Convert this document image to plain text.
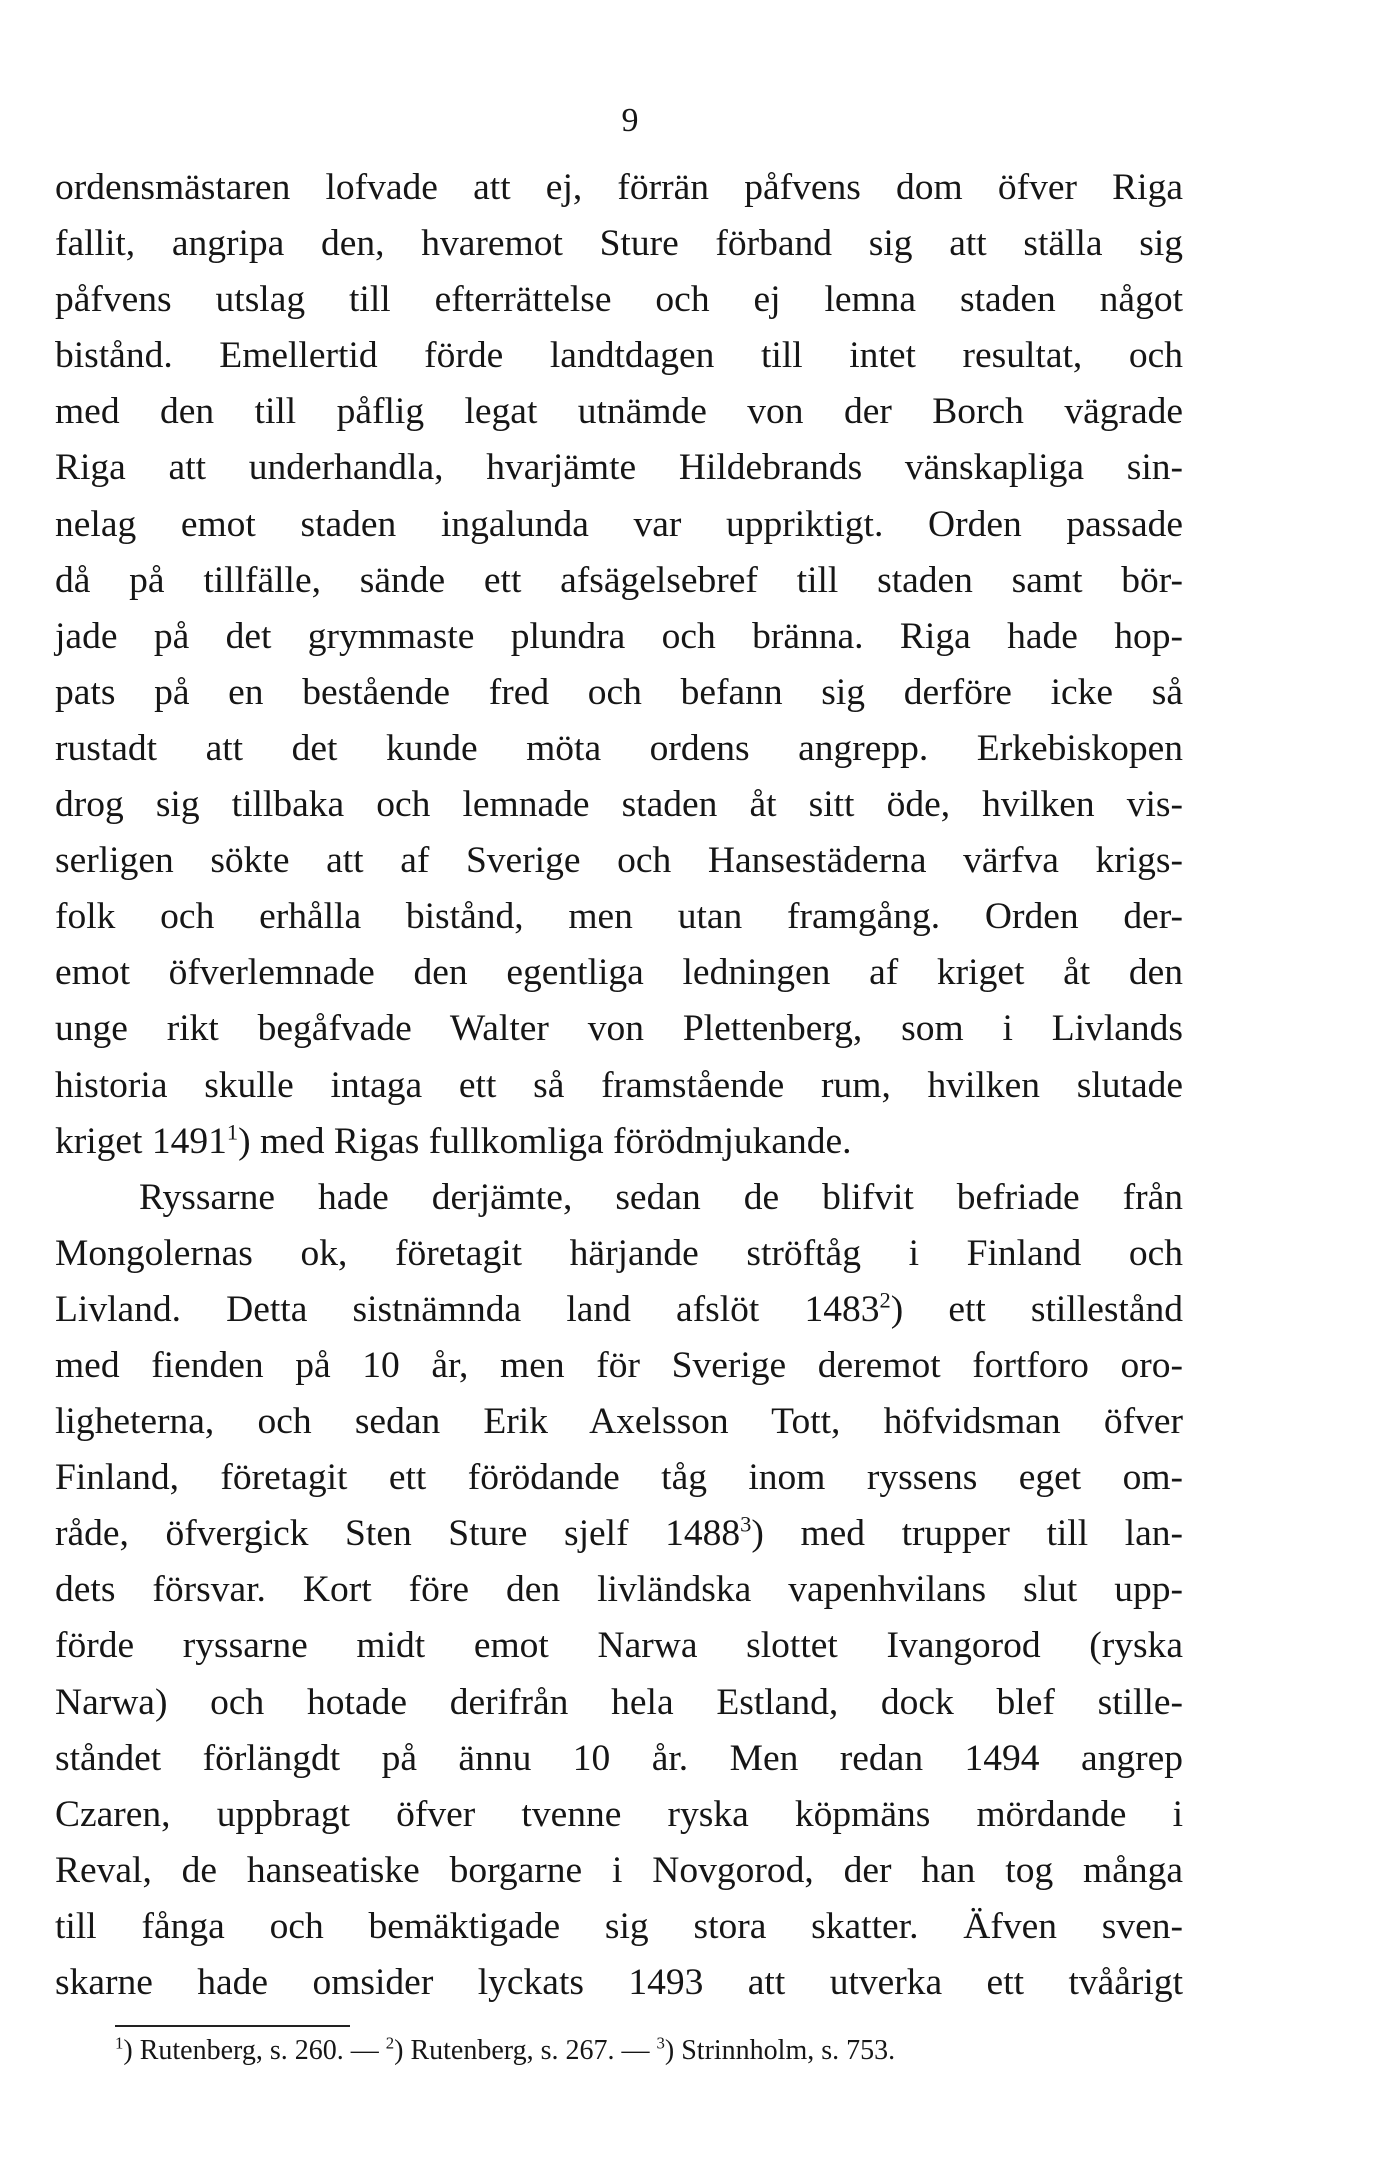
9
ordensmästaren lofvade att ej, förrän påfvens dom öfver Riga
fallit, angripa den, hvaremot Sture förband sig att ställa sig
påfvens utslag till efterrättelse och ej lemna staden något
bistånd. Emellertid förde landtdagen till intet resultat, och
med den till påflig legat utnämde von der Borch vägrade
Riga att underhandla, hvarjämte Hildebrands vänskapliga sin-
nelag emot staden ingalunda var uppriktigt. Orden passade
då på tillfälle, sände ett afsägelsebref till staden samt bör-
jade på det grymmaste plundra och bränna. Riga hade hop-
pats på en bestående fred och befann sig derföre icke så
rustadt att det kunde möta ordens angrepp. Erkebiskopen
drog sig tillbaka och lemnade staden åt sitt öde, hvilken vis-
serligen sökte att af Sverige och Hansestäderna värfva krigs-
folk och erhålla bistånd, men utan framgång. Orden der-
emot öfverlemnade den egentliga ledningen af kriget åt den
unge rikt begåfvade Walter von Plettenberg, som i Livlands
historia skulle intaga ett så framstående rum, hvilken slutade
kriget 1491$^1$) med Rigas fullkomliga förödmjukande.
Ryssarne hade derjämte, sedan de blifvit befriade från
Mongolernas ok, företagit härjande ströftåg i Finland och
Livland. Detta sistnämnda land afslöt 1483$^2$) ett stillestånd
med fienden på 10 år, men för Sverige deremot fortforo oro-
ligheterna, och sedan Erik Axelsson Tott, höfvidsman öfver
Finland, företagit ett förödande tåg inom ryssens eget om-
råde, öfvergick Sten Sture sjelf 1488$^3$) med trupper till lan-
dets försvar. Kort före den livländska vapenhvilans slut upp-
förde ryssarne midt emot Narwa slottet Ivangorod (ryska
Narwa) och hotade derifrån hela Estland, dock blef stille-
ståndet förlängdt på ännu 10 år. Men redan 1494 angrep
Czaren, uppbragt öfver tvenne ryska köpmäns mördande i
Reval, de hanseatiske borgarne i Novgorod, der han tog många
till fånga och bemäktigade sig stora skatter. Äfven sven-
skarne hade omsider lyckats 1493 att utverka ett tvåårigt
$^1$) Rutenberg, s. 260. — $^2$) Rutenberg, s. 267. — $^3$) Strinnholm, s. 753.
